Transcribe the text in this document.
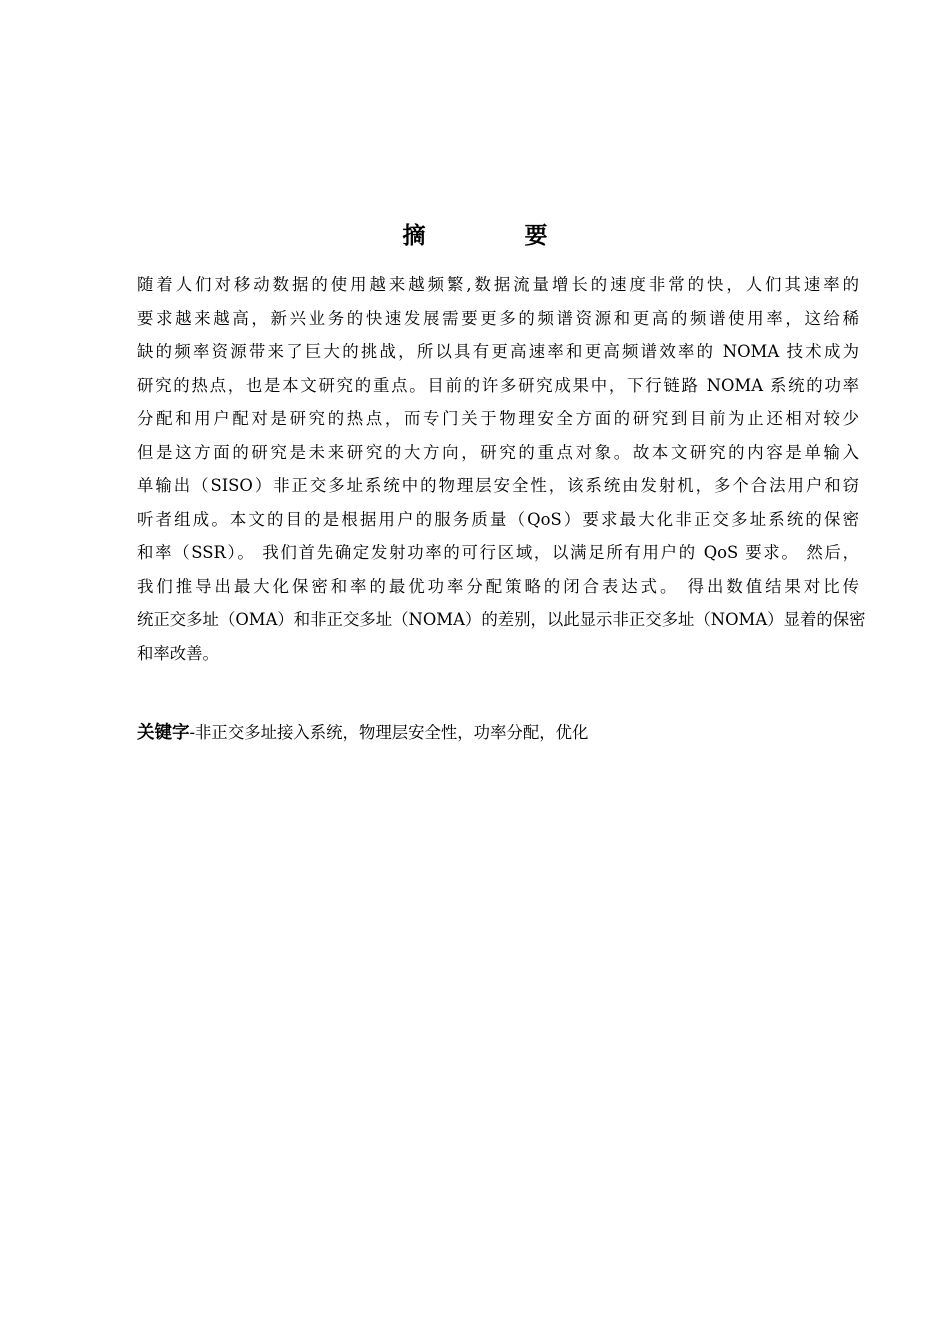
摘　要
随着人们对移动数据的使用越来越频繁,数据流量增长的速度非常的快，人们其速率的
要求越来越高，新兴业务的快速发展需要更多的频谱资源和更高的频谱使用率，这给稀
缺的频率资源带来了巨大的挑战，所以具有更高速率和更高频谱效率的 NOMA 技术成为
研究的热点，也是本文研究的重点。目前的许多研究成果中，下行链路 NOMA 系统的功率
分配和用户配对是研究的热点，而专门关于物理安全方面的研究到目前为止还相对较少
但是这方面的研究是未来研究的大方向，研究的重点对象。故本文研究的内容是单输入
单输出（SISO）非正交多址系统中的物理层安全性，该系统由发射机，多个合法用户和窃
听者组成。本文的目的是根据用户的服务质量（QoS）要求最大化非正交多址系统的保密
和率（SSR）。 我们首先确定发射功率的可行区域，以满足所有用户的 QoS 要求。 然后，
我们推导出最大化保密和率的最优功率分配策略的闭合表达式。 得出数值结果对比传
统正交多址（OMA）和非正交多址（NOMA）的差别，以此显示非正交多址（NOMA）显着的保密
和率改善。
关键字-非正交多址接入系统，物理层安全性，功率分配，优化
